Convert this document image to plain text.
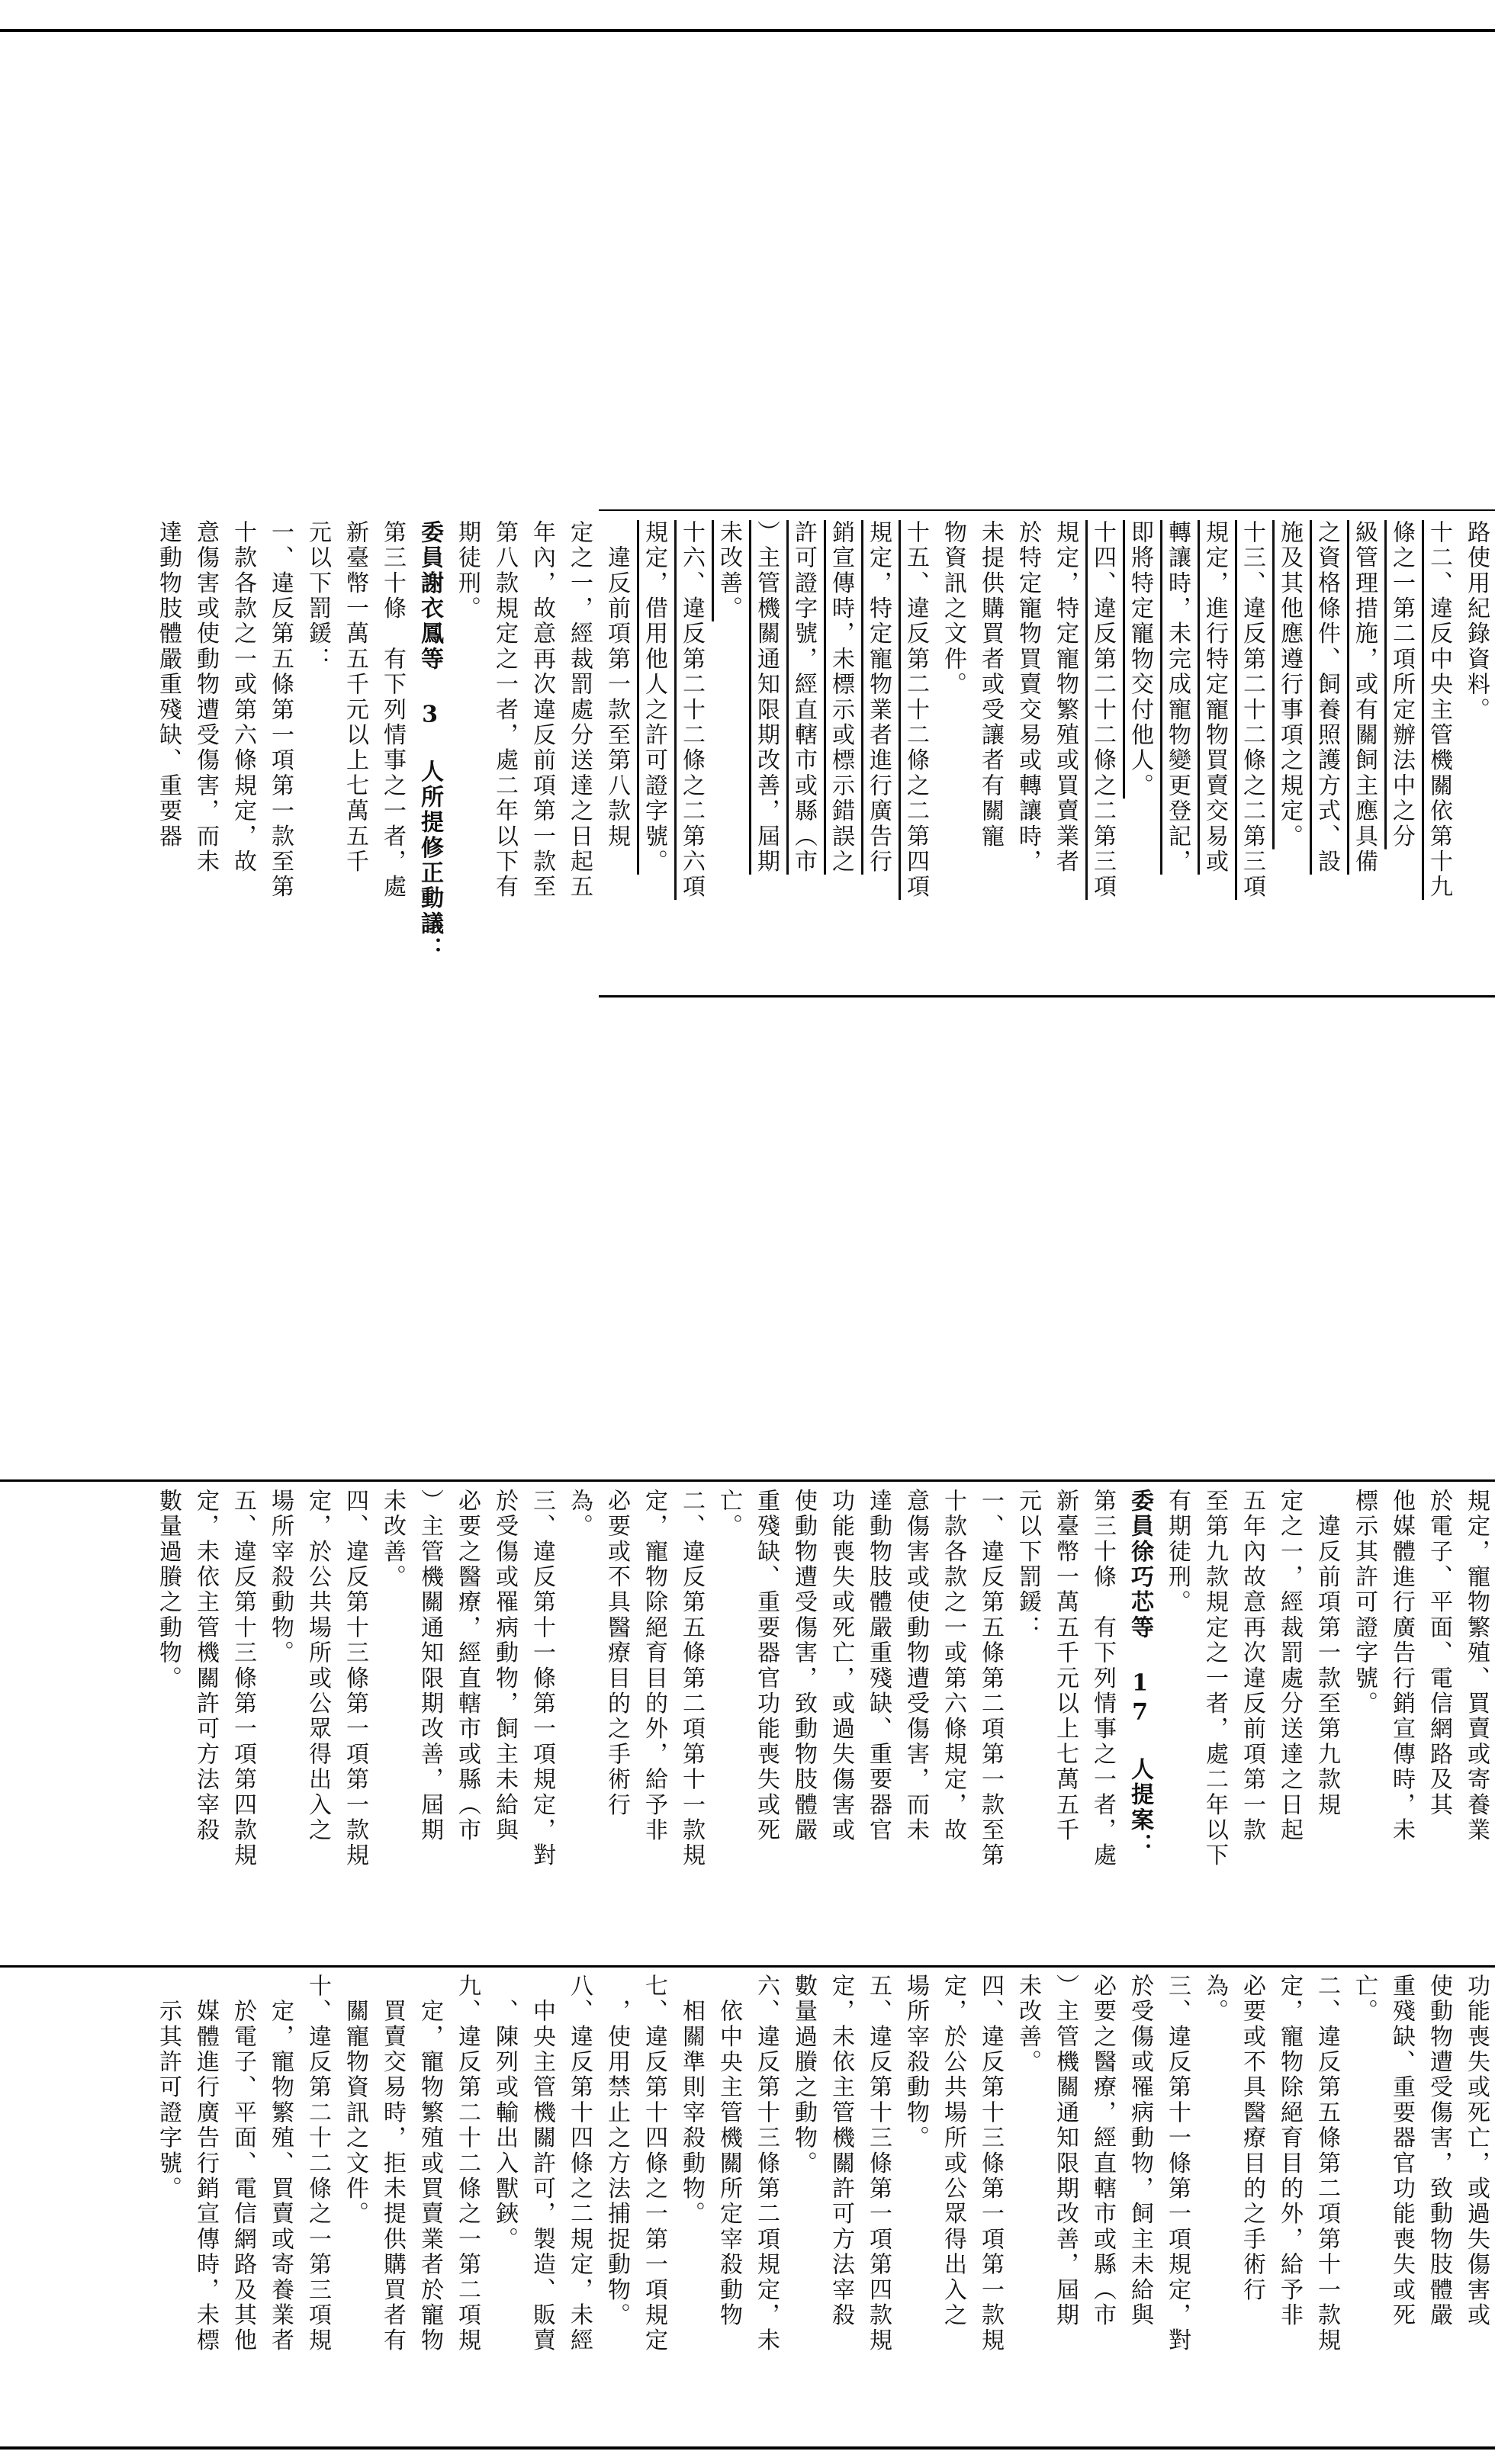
路使用紀錄資料。
十二、違反中央主管機關依第十九
條之一第二項所定辦法中之分
級管理措施，或有關飼主應具備
之資格條件、飼養照護方式、設
施及其他應遵行事項之規定。
十三、違反第二十二條之二第三項
規定，進行特定寵物買賣交易或
轉讓時，未完成寵物變更登記，
即將特定寵物交付他人。
十四、違反第二十二條之二第三項
規定，特定寵物繁殖或買賣業者
於特定寵物買賣交易或轉讓時，
未提供購買者或受讓者有關寵
物資訊之文件。
十五、違反第二十二條之二第四項
規定，特定寵物業者進行廣告行
銷宣傳時，未標示或標示錯誤之
許可證字號，經直轄市或縣（市
）主管機關通知限期改善，屆期
未改善。
十六、違反第二十二條之二第六項
規定，借用他人之許可證字號。
　違反前項第一款至第八款規
定之一，經裁罰處分送達之日起五
年內，故意再次違反前項第一款至
第八款規定之一者，處二年以下有
期徒刑。
委員謝衣鳳等 3 人所提修正動議：
第三十條　有下列情事之一者，處
新臺幣一萬五千元以上七萬五千
元以下罰鍰：
一、違反第五條第一項第一款至第
十款各款之一或第六條規定，故
意傷害或使動物遭受傷害，而未
達動物肢體嚴重殘缺、重要器
功能喪失或死亡，或過失傷害或
使動物遭受傷害，致動物肢體嚴
重殘缺、重要器官功能喪失或死
亡。
二、違反第五條第二項第十一款規
定，寵物除絕育目的外，給予非
必要或不具醫療目的之手術行
為。
三、違反第十一條第一項規定，對
於受傷或罹病動物，飼主未給與
必要之醫療，經直轄市或縣（市
）主管機關通知限期改善，屆期
未改善。
四、違反第十三條第一項第一款規
定，於公共場所或公眾得出入之
場所宰殺動物。
五、違反第十三條第一項第四款規
定，未依主管機關許可方法宰殺
數量過賸之動物。
六、違反第十三條第二項規定，未
　依中央主管機關所定宰殺動物
　相關準則宰殺動物。
七、違反第十四條之一第一項規定
　，使用禁止之方法捕捉動物。
八、違反第十四條之二規定，未經
　中央主管機關許可，製造、販賣
　、陳列或輸出入獸鋏。
九、違反第二十二條之一第二項規
　定，寵物繁殖或買賣業者於寵物
　買賣交易時，拒未提供購買者有
　關寵物資訊之文件。
十、違反第二十二條之一第三項規
　定，寵物繁殖、買賣或寄養業者
　於電子、平面、電信網路及其他
　媒體進行廣告行銷宣傳時，未標
　示其許可證字號。
規定，寵物繁殖、買賣或寄養業
於電子、平面、電信網路及其
他媒體進行廣告行銷宣傳時，未
標示其許可證字號。
　違反前項第一款至第九款規
定之一，經裁罰處分送達之日起
五年內故意再次違反前項第一款
至第九款規定之一者，處二年以下
有期徒刑。
委員徐巧芯等 17 人提案：
第三十條　有下列情事之一者，處
新臺幣一萬五千元以上七萬五千
元以下罰鍰：
一、違反第五條第二項第一款至第
十款各款之一或第六條規定，故
意傷害或使動物遭受傷害，而未
達動物肢體嚴重殘缺、重要器官
功能喪失或死亡，或過失傷害或
使動物遭受傷害，致動物肢體嚴
重殘缺、重要器官功能喪失或死
亡。
二、違反第五條第二項第十一款規
定，寵物除絕育目的外，給予非
必要或不具醫療目的之手術行
為。
三、違反第十一條第一項規定，對
於受傷或罹病動物，飼主未給與
必要之醫療，經直轄市或縣（市
）主管機關通知限期改善，屆期
未改善。
四、違反第十三條第一項第一款規
定，於公共場所或公眾得出入之
場所宰殺動物。
五、違反第十三條第一項第四款規
定，未依主管機關許可方法宰殺
數量過賸之動物。
